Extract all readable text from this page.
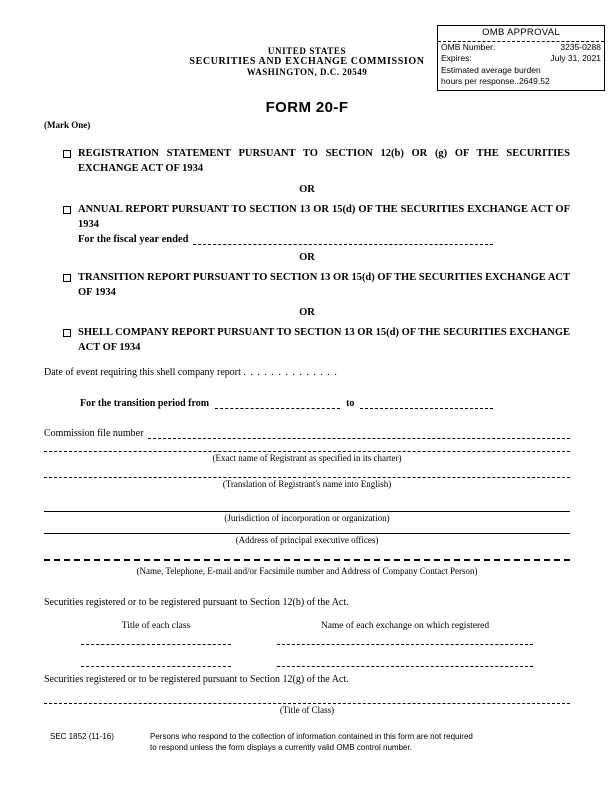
OMB APPROVAL
OMB Number:	3235-0288
Expires:	July 31, 2021
Estimated average burden
hours per response..2649.52
UNITED STATES
SECURITIES AND EXCHANGE COMMISSION
WASHINGTON, D.C. 20549
FORM 20-F
(Mark One)
REGISTRATION STATEMENT PURSUANT TO SECTION 12(b) OR (g) OF THE SECURITIES EXCHANGE ACT OF 1934
OR
ANNUAL REPORT PURSUANT TO SECTION 13 OR 15(d) OF THE SECURITIES EXCHANGE ACT OF 1934
For the fiscal year ended
OR
TRANSITION REPORT PURSUANT TO SECTION 13 OR 15(d) OF THE SECURITIES EXCHANGE ACT OF 1934
OR
SHELL COMPANY REPORT PURSUANT TO SECTION 13 OR 15(d) OF THE SECURITIES EXCHANGE ACT OF 1934
Date of event requiring this shell company report . . . . . . . . . . . . . .
For the transition period from	to
Commission file number
(Exact name of Registrant as specified in its charter)
(Translation of Registrant's name into English)
(Jurisdiction of incorporation or organization)
(Address of principal executive offices)
(Name, Telephone, E-mail and/or Facsimile number and Address of Company Contact Person)
Securities registered or to be registered pursuant to Section 12(b) of the Act.
Title of each class	Name of each exchange on which registered
Securities registered or to be registered pursuant to Section 12(g) of the Act.
(Title of Class)
SEC 1852 (11-16)	Persons who respond to the collection of information contained in this form are not required to respond unless the form displays a currently valid OMB control number.
